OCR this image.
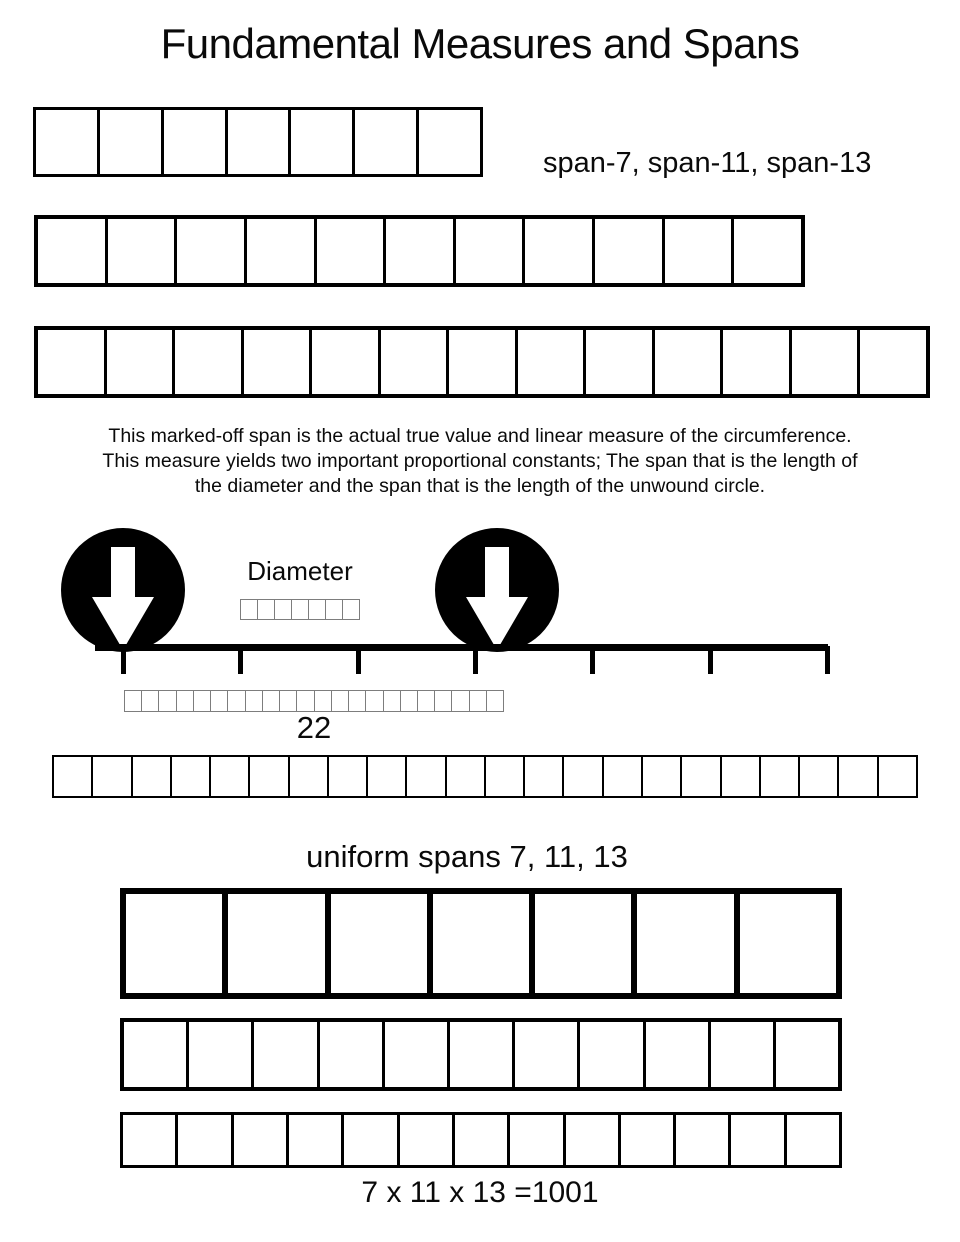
Fundamental Measures and Spans
span-7, span-11, span-13
This marked-off span is the actual true value and linear measure of the circumference.
This measure yields two important proportional constants; The span that is the length of
the diameter and the span that is the length of the unwound circle.
Diameter
22
uniform spans 7, 11, 13
7 x 11 x 13 =1001
